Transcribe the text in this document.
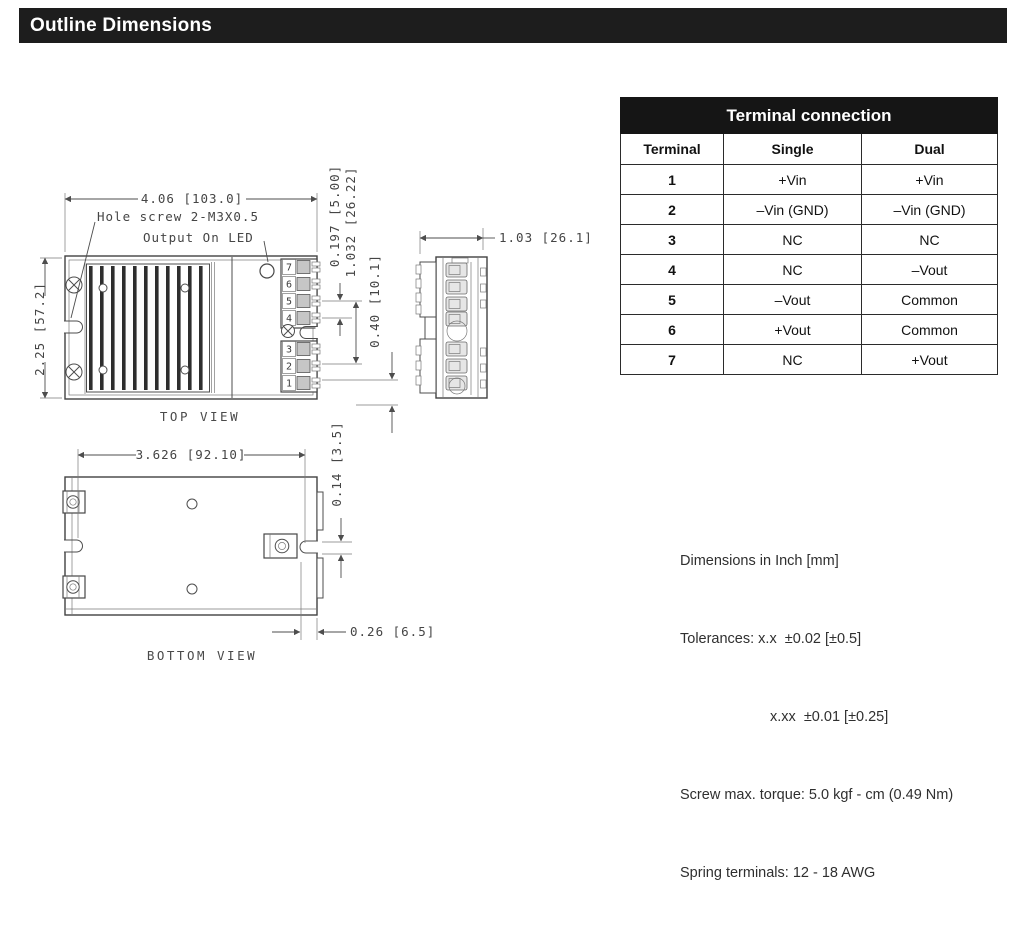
7
6
5
4
3
2
1
4.06 [103.0]
2.25 [57.2]
Hole screw 2-M3X0.5
Output On LED	0.197 [5.00] 1.032 [26.22]
0.40 [10.1]
TOP VIEW
1.03 [26.1]
3.626 [92.10]	0.14 [3.5]
0.26 [6.5]
BOTTOM VIEW
Outline Dimensions
Terminal connection		
Terminal	Single	Dual
1	+Vin	+Vin
2	–Vin (GND)	–Vin (GND)
3	NC	NC
4	NC	–Vout
5	–Vout	Common
6	+Vout	Common
7	NC	+Vout

Dimensions in Inch [mm]

Tolerances: x.x  ±0.02 [±0.5]

x.xx  ±0.01 [±0.25]

Screw max. torque: 5.0 kgf - cm (0.49 Nm)

Spring terminals: 12 - 18 AWG
